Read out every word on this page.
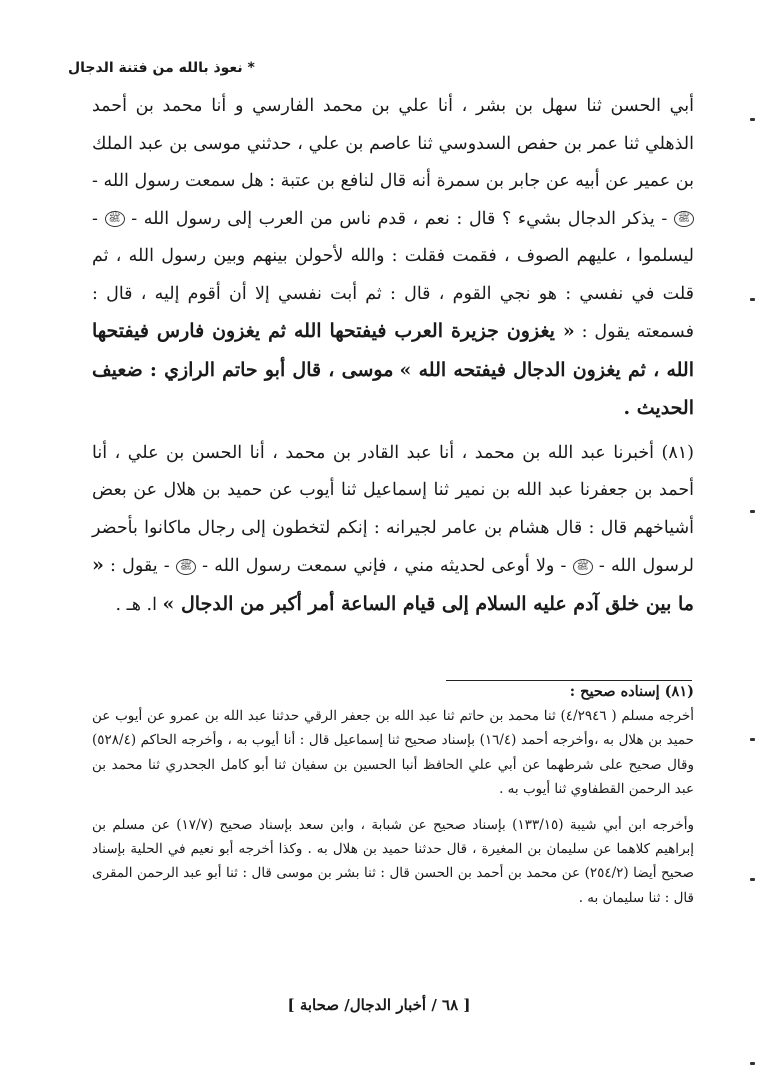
* نعوذ بالله من فتنة الدجال

أبي الحسن ثنا سهل بن بشر ، أنا علي بن محمد الفارسي و أنا محمد بن أحمد الذهلي ثنا عمر بن حفص السدوسي ثنا عاصم بن علي ، حدثني موسى بن عبد الملك بن عمير عن أبيه عن جابر بن سمرة أنه قال لنافع بن عتبة : هل سمعت رسول الله - ﷺ - يذكر الدجال بشيء ؟ قال : نعم ، قدم ناس من العرب إلى رسول الله - ﷺ - ليسلموا ، عليهم الصوف ، فقمت فقلت : والله لأحولن بينهم وبين رسول الله ، ثم قلت في نفسي : هو نجي القوم ، قال : ثم أبت نفسي إلا أن أقوم إليه ، قال : فسمعته يقول : « يغزون جزيرة العرب فيفتحها الله ثم يغزون فارس فيفتحها الله ، ثم يغزون الدجال فيفتحه الله » موسى ، قال أبو حاتم الرازي : ضعيف الحديث .

(٨١) أخبرنا عبد الله بن محمد ، أنا عبد القادر بن محمد ، أنا الحسن بن علي ، أنا أحمد بن جعفرنا عبد الله بن نمير ثنا إسماعيل ثنا أيوب عن حميد بن هلال عن بعض أشياخهم قال : قال هشام بن عامر لجيرانه : إنكم لتخطون إلى رجال ماكانوا بأحضر لرسول الله - ﷺ - ولا أوعى لحديثه مني ، فإني سمعت رسول الله - ﷺ - يقول : « ما بين خلق آدم عليه السلام إلى قيام الساعة أمر أكبر من الدجال » ا. هـ .

(٨١) إسناده صحيح :

أخرجه مسلم ( ٤/٢٩٤٦) ثنا محمد بن حاتم ثنا عبد الله بن جعفر الرقي حدثنا عبد الله بن عمرو عن أيوب عن حميد بن هلال به ،وأخرجه أحمد (١٦/٤) بإسناد صحيح ثنا إسماعيل قال : أنا أيوب به ، وأخرجه الحاكم (٥٢٨/٤) وقال صحيح على شرطهما عن أبي علي الحافظ أنبا الحسين بن سفيان ثنا أبو كامل الجحدري ثنا محمد بن عبد الرحمن القطفاوي ثنا أيوب به .

وأخرجه ابن أبي شيبة (١٣٣/١٥) بإسناد صحيح عن شبابة ، وابن سعد بإسناد صحيح (١٧/٧) عن مسلم بن إبراهيم كلاهما عن سليمان بن المغيرة ، قال حدثنا حميد بن هلال به . وكذا أخرجه أبو نعيم في الحلية بإسناد صحيح أيضا (٢٥٤/٢) عن محمد بن أحمد بن الحسن قال : ثنا بشر بن موسى قال : ثنا أبو عبد الرحمن المقرى قال : ثنا سليمان به .

[ ٦٨ / أخبار الدجال/ صحابة ]
